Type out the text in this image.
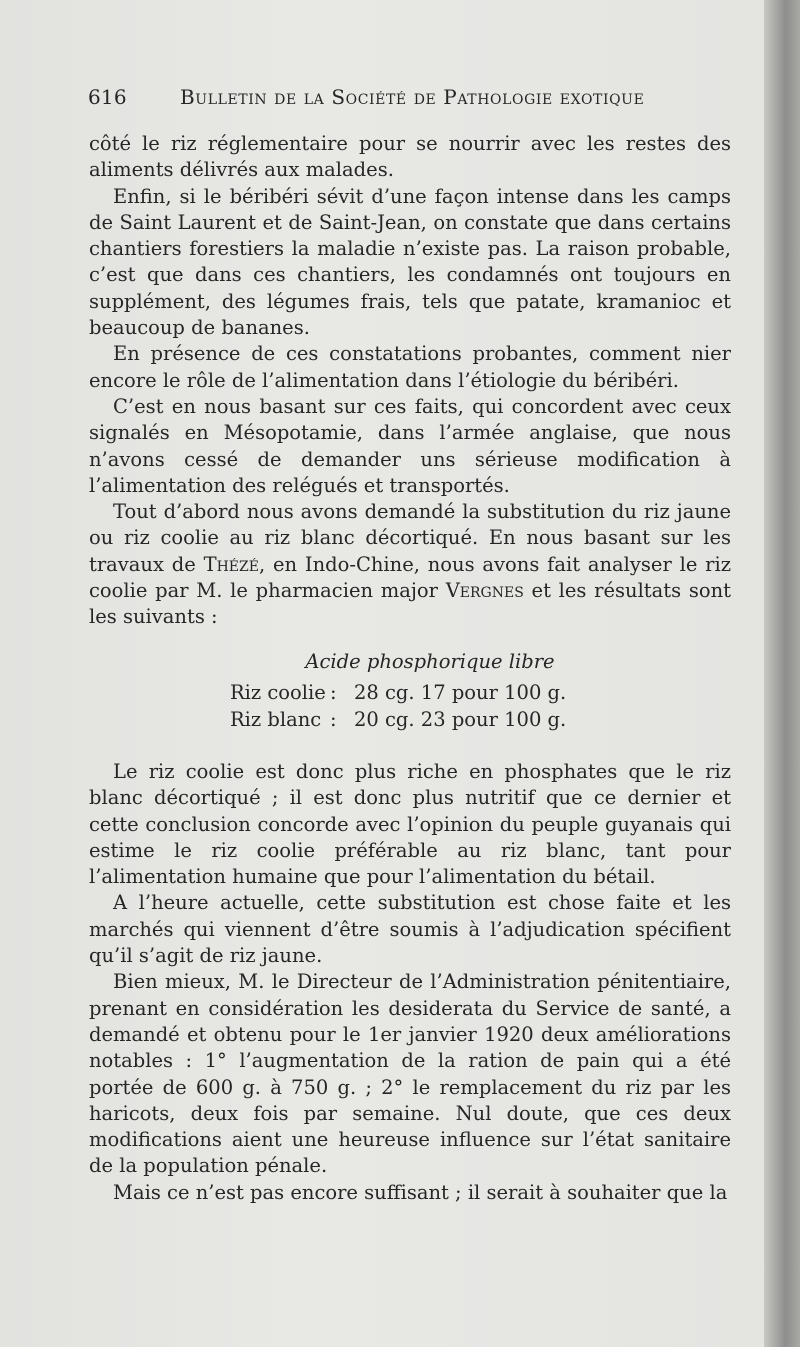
616	Bulletin de la Société de Pathologie exotique

côté le riz réglementaire pour se nourrir avec les restes des aliments délivrés aux malades.

Enfin, si le béribéri sévit d’une façon intense dans les camps de Saint Laurent et de Saint-Jean, on constate que dans certains chantiers forestiers la maladie n’existe pas. La raison probable, c’est que dans ces chantiers, les condamnés ont toujours en supplément, des légumes frais, tels que patate, kramanioc et beaucoup de bananes.

En présence de ces constatations probantes, comment nier encore le rôle de l’alimentation dans l’étiologie du béribéri.

C’est en nous basant sur ces faits, qui concordent avec ceux signalés en Mésopotamie, dans l’armée anglaise, que nous n’avons cessé de demander uns sérieuse modification à l’alimentation des relégués et transportés.

Tout d’abord nous avons demandé la substitution du riz jaune ou riz coolie au riz blanc décortiqué. En nous basant sur les travaux de Thézé, en Indo-Chine, nous avons fait analyser le riz coolie par M. le pharmacien major Vergnes et les résultats sont les suivants :

Acide phosphorique libre
Riz coolie : 28 cg. 17 pour 100 g.
Riz blanc : 20 cg. 23 pour 100 g.

Le riz coolie est donc plus riche en phosphates que le riz blanc décortiqué ; il est donc plus nutritif que ce dernier et cette conclusion concorde avec l’opinion du peuple guyanais qui estime le riz coolie préférable au riz blanc, tant pour l’alimentation humaine que pour l’alimentation du bétail.

A l’heure actuelle, cette substitution est chose faite et les marchés qui viennent d’être soumis à l’adjudication spécifient qu’il s’agit de riz jaune.

Bien mieux, M. le Directeur de l’Administration pénitentiaire, prenant en considération les desiderata du Service de santé, a demandé et obtenu pour le 1er janvier 1920 deux améliorations notables : 1° l’augmentation de la ration de pain qui a été portée de 600 g. à 750 g. ; 2° le remplacement du riz par les haricots, deux fois par semaine. Nul doute, que ces deux modifications aient une heureuse influence sur l’état sanitaire de la population pénale.

Mais ce n’est pas encore suffisant ; il serait à souhaiter que la
